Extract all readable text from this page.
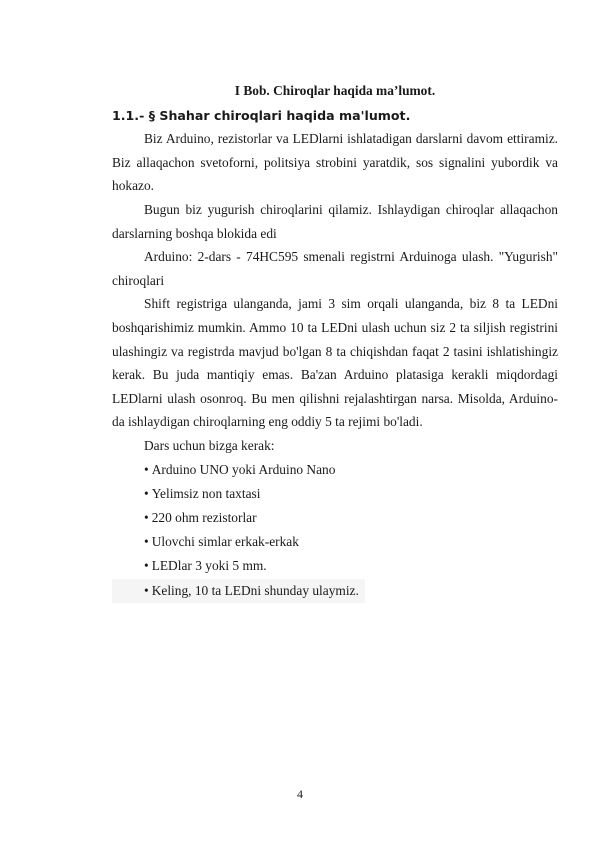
I Bob. Chiroqlar haqida ma’lumot.

1.1.- § Shahar chiroqlari haqida ma'lumot.

Biz Arduino, rezistorlar va LEDlarni ishlatadigan darslarni davom ettiramiz. Biz allaqachon svetoforni, politsiya strobini yaratdik, sos signalini yubordik va hokazo.

Bugun biz yugurish chiroqlarini qilamiz. Ishlaydigan chiroqlar allaqachon darslarning boshqa blokida edi

Arduino: 2-dars - 74HC595 smenali registrni Arduinoga ulash. "Yugurish" chiroqlari

Shift registriga ulanganda, jami 3 sim orqali ulanganda, biz 8 ta LEDni boshqarishimiz mumkin. Ammo 10 ta LEDni ulash uchun siz 2 ta siljish registrini ulashingiz va registrda mavjud bo'lgan 8 ta chiqishdan faqat 2 tasini ishlatishingiz kerak. Bu juda mantiqiy emas. Ba'zan Arduino platasiga kerakli miqdordagi LEDlarni ulash osonroq. Bu men qilishni rejalashtirgan narsa. Misolda, Arduino-da ishlaydigan chiroqlarning eng oddiy 5 ta rejimi bo'ladi.

Dars uchun bizga kerak:

• Arduino UNO yoki Arduino Nano
• Yelimsiz non taxtasi
• 220 ohm rezistorlar
• Ulovchi simlar erkak-erkak
• LEDlar 3 yoki 5 mm.
• Keling, 10 ta LEDni shunday ulaymiz.
4
